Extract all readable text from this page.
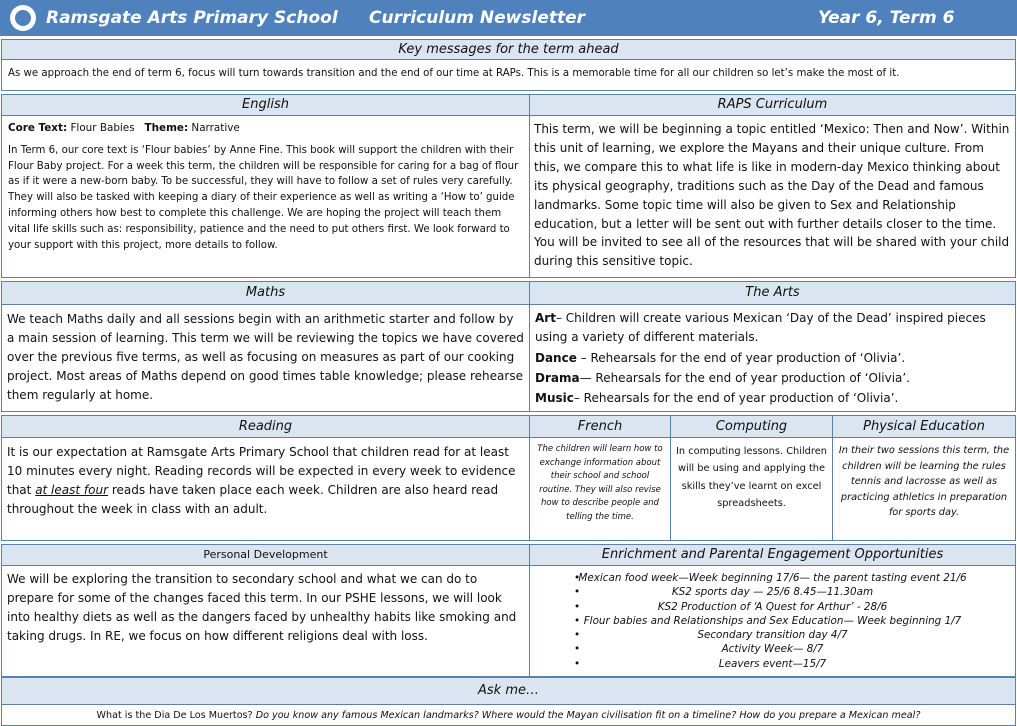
Ramsgate Arts Primary School Curriculum Newsletter	Year 6, Term 6
Key messages for the term ahead

As we approach the end of term 6, focus will turn towards transition and the end of our time at RAPs. This is a memorable time for all our children so let’s make the most of it.

English

Core Text: Flour Babies Theme: Narrative

In Term 6, our core text is ‘Flour babies’ by Anne Fine. This book will support the children with their Flour Baby project. For a week this term, the children will be responsible for caring for a bag of flour as if it were a new-born baby. To be successful, they will have to follow a set of rules very carefully. They will also be tasked with keeping a diary of their experience as well as writing a ‘How to’ guide informing others how best to complete this challenge. We are hoping the project will teach them vital life skills such as: responsibility, patience and the need to put others first. We look forward to your support with this project, more details to follow.

RAPS Curriculum

This term, we will be beginning a topic entitled ‘Mexico: Then and Now’. Within this unit of learning, we explore the Mayans and their unique culture. From this, we compare this to what life is like in modern-day Mexico thinking about its physical geography, traditions such as the Day of the Dead and famous landmarks. Some topic time will also be given to Sex and Relationship education, but a letter will be sent out with further details closer to the time. You will be invited to see all of the resources that will be shared with your child during this sensitive topic.

Maths

We teach Maths daily and all sessions begin with an arithmetic starter and follow by a main session of learning. This term we will be reviewing the topics we have covered over the previous five terms, as well as focusing on measures as part of our cooking project. Most areas of Maths depend on good times table knowledge; please rehearse them regularly at home.

The Arts

Art– Children will create various Mexican ‘Day of the Dead’ inspired pieces using a variety of different materials.

Dance – Rehearsals for the end of year production of ‘Olivia’.

Drama— Rehearsals for the end of year production of ‘Olivia’.

Music– Rehearsals for the end of year production of ‘Olivia’.

Reading

It is our expectation at Ramsgate Arts Primary School that children read for at least 10 minutes every night. Reading records will be expected in every week to evidence that at least four reads have taken place each week. Children are also heard read throughout the week in class with an adult.

French

The children will learn how to exchange information about their school and school routine. They will also revise how to describe people and telling the time.

Computing

In computing lessons. Children will be using and applying the skills they’ve learnt on excel spreadsheets.

Physical Education

In their two sessions this term, the children will be learning the rules tennis and lacrosse as well as practicing athletics in preparation for sports day.

Personal Development

We will be exploring the transition to secondary school and what we can do to prepare for some of the changes faced this term. In our PSHE lessons, we will look into healthy diets as well as the dangers faced by unhealthy habits like smoking and taking drugs. In RE, we focus on how different religions deal with loss.

Enrichment and Parental Engagement Opportunities
• Mexican food week—Week beginning 17/6— the parent tasting event 21/6
• KS2 sports day — 25/6 8.45—11.30am
• KS2 Production of ‘A Quest for Arthur’ - 28/6
• Flour babies and Relationships and Sex Education— Week beginning 1/7
• Secondary transition day 4/7
• Activity Week— 8/7
• Leavers event—15/7
Ask me…

What is the Dia De Los Muertos? Do you know any famous Mexican landmarks? Where would the Mayan civilisation fit on a timeline? How do you prepare a Mexican meal?
